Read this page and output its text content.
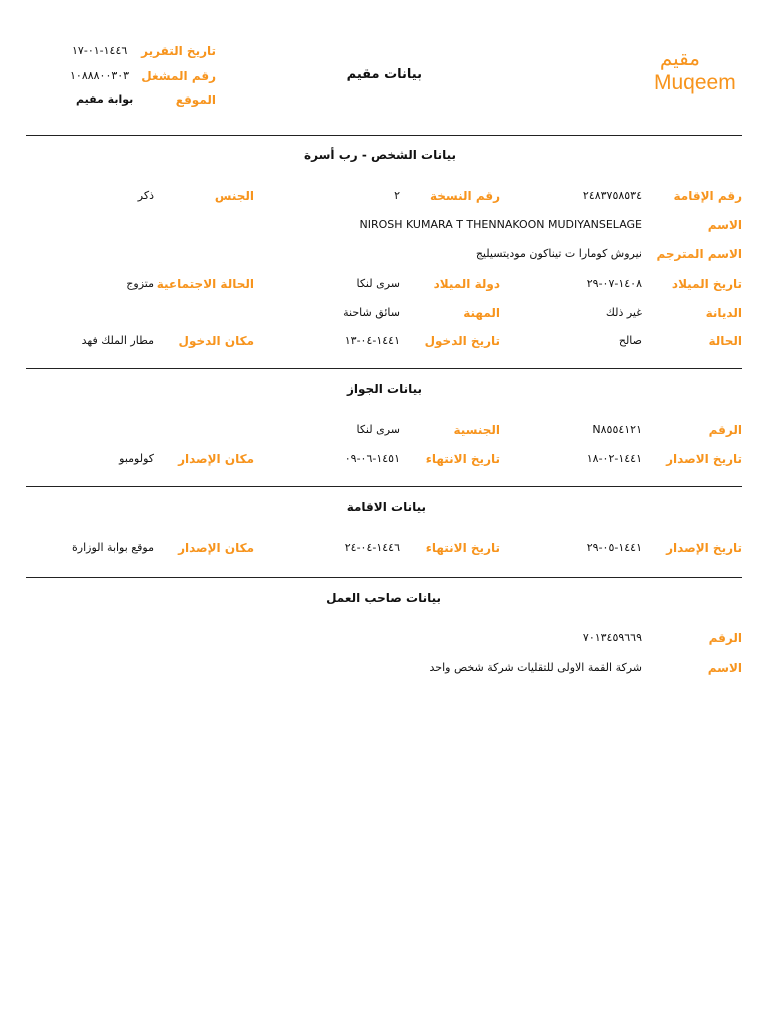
تاريخ التقرير
١٤٤٦-٠١-١٧
رقم المشغل
١٠٨٨٨٠٠٣٠٣
الموقع
بوابة مقيم
بيانات مقيم
مقيم
Muqeem
بيانات الشخص - رب أسرة
رقم الإقامة
٢٤٨٣٧٥٨٥٣٤
رقم النسخة
٢
الجنس
ذكر
الاسم
NIROSH KUMARA T THENNAKOON MUDIYANSELAGE
الاسم المترجم
نيروش كومارا ت تيناكون موديتسيليج
تاريخ الميلاد
١٤٠٨-٠٧-٢٩
دولة الميلاد
سرى لنكا
الحالة الاجتماعية
متزوج
الديانة
غير ذلك
المهنة
سائق شاحنة
الحالة
صالح
تاريخ الدخول
١٤٤١-٠٤-١٣
مكان الدخول
مطار الملك فهد
بيانات الجواز
الرقم
N٨٥٥٤١٢١
الجنسية
سرى لنكا
تاريخ الاصدار
١٤٤١-٠٢-١٨
تاريخ الانتهاء
١٤٥١-٠٦-٠٩
مكان الإصدار
كولومبو
بيانات الاقامة
تاريخ الإصدار
١٤٤١-٠٥-٢٩
تاريخ الانتهاء
١٤٤٦-٠٤-٢٤
مكان الإصدار
موقع بوابة الوزارة
بيانات صاحب العمل
الرقم
٧٠١٣٤٥٩٦٦٩
الاسم
شركة القمة الاولى للتقليات شركة شخص واحد
